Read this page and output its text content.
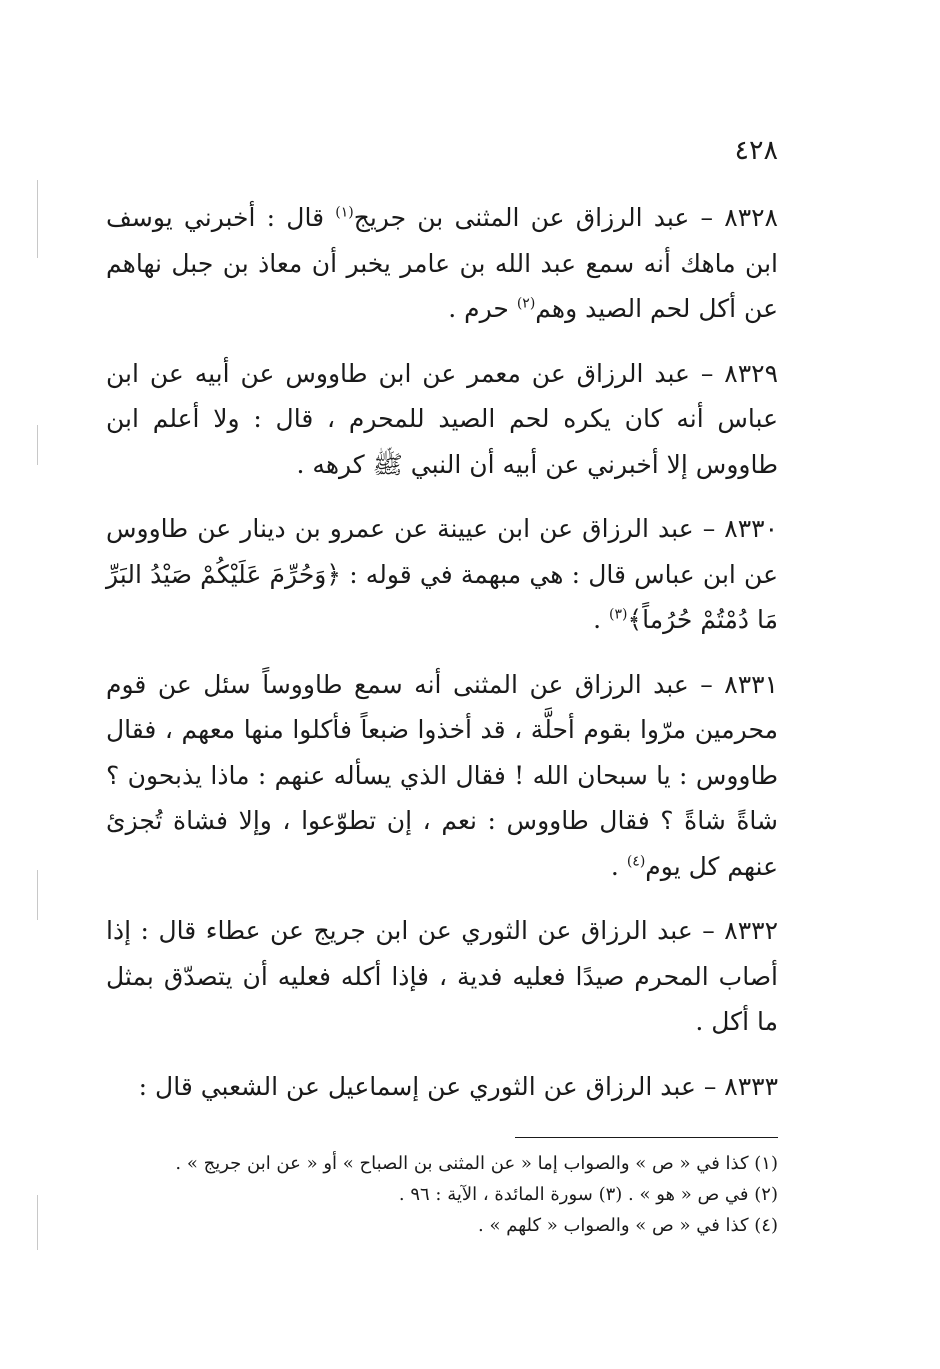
٤٢٨

٨٣٢٨ – عبد الرزاق عن المثنى بن جريج$^{(١)}$ قال : أخبرني يوسف ابن ماهك أنه سمع عبد الله بن عامر يخبر أن معاذ بن جبل نهاهم عن أكل لحم الصيد وهم$^{(٢)}$ حرم .

٨٣٢٩ – عبد الرزاق عن معمر عن ابن طاووس عن أبيه عن ابن عباس أنه كان يكره لحم الصيد للمحرم ، قال : ولا أعلم ابن طاووس إلا أخبرني عن أبيه أن النبي ﷺ كرهه .

٨٣٣٠ – عبد الرزاق عن ابن عيينة عن عمرو بن دينار عن طاووس عن ابن عباس قال : هي مبهمة في قوله : ﴿وَحُرِّمَ عَلَيْكُمْ صَيْدُ البَرِّ مَا دُمْتُمْ حُرُماً﴾$^{(٣)}$ .

٨٣٣١ – عبد الرزاق عن المثنى أنه سمع طاووساً سئل عن قوم محرمين مرّوا بقوم أحلَّة ، قد أخذوا ضبعاً فأكلوا منها معهم ، فقال طاووس : يا سبحان الله ! فقال الذي يسأله عنهم : ماذا يذبحون ؟ شاةً شاةً ؟ فقال طاووس : نعم ، إن تطوّعوا ، وإلا فشاة تُجزئ عنهم كل يوم$^{(٤)}$ .

٨٣٣٢ – عبد الرزاق عن الثوري عن ابن جريج عن عطاء قال : إذا أصاب المحرم صيدًا فعليه فدية ، فإذا أكله فعليه أن يتصدّق بمثل ما أكل .

٨٣٣٣ – عبد الرزاق عن الثوري عن إسماعيل عن الشعبي قال :

(١) كذا في « ص » والصواب إما « عن المثنى بن الصباح » أو « عن ابن جريج » .

(٢) في ص « هو » . (٣) سورة المائدة ، الآية : ٩٦ .

(٤) كذا في « ص » والصواب « كلهم » .
